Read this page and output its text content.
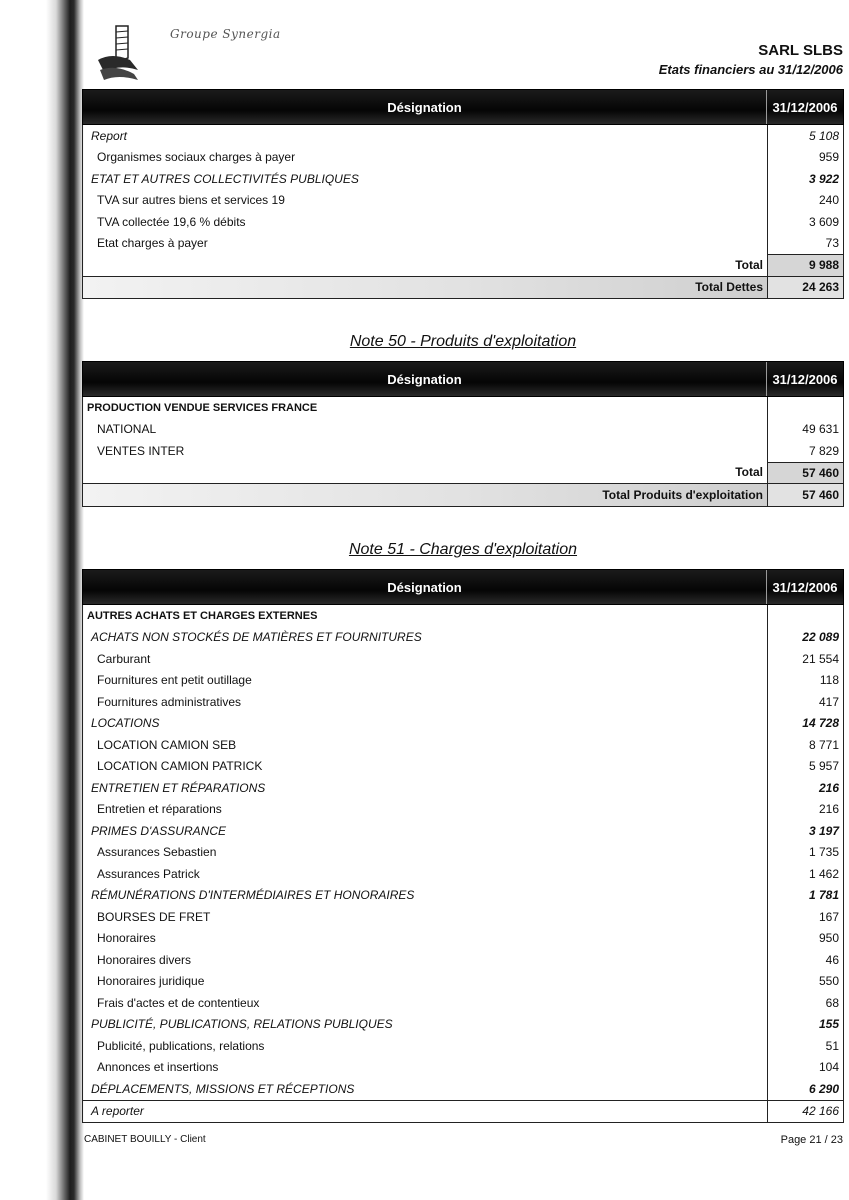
Groupe Synergia
SARL SLBS
Etats financiers au 31/12/2006
Désignation	31/12/2006
Report	5 108
Organismes sociaux charges à payer	959
ETAT ET AUTRES COLLECTIVITÉS PUBLIQUES	3 922
TVA sur autres biens et services 19	240
TVA collectée 19,6 % débits	3 609
Etat charges à payer	73
Total	9 988
Total Dettes	24 263
Note 50 - Produits d'exploitation
Désignation	31/12/2006
PRODUCTION VENDUE SERVICES FRANCE
NATIONAL	49 631
VENTES INTER	7 829
Total	57 460
Total Produits d'exploitation	57 460
Note 51 - Charges d'exploitation
Désignation	31/12/2006
AUTRES ACHATS ET CHARGES EXTERNES
ACHATS NON STOCKÉS DE MATIÈRES ET FOURNITURES	22 089
Carburant	21 554
Fournitures ent petit outillage	118
Fournitures administratives	417
LOCATIONS	14 728
LOCATION CAMION SEB	8 771
LOCATION CAMION PATRICK	5 957
ENTRETIEN ET RÉPARATIONS	216
Entretien et réparations	216
PRIMES D'ASSURANCE	3 197
Assurances Sebastien	1 735
Assurances Patrick	1 462
RÉMUNÉRATIONS D'INTERMÉDIAIRES ET HONORAIRES	1 781
BOURSES DE FRET	167
Honoraires	950
Honoraires divers	46
Honoraires juridique	550
Frais d'actes et de contentieux	68
PUBLICITÉ, PUBLICATIONS, RELATIONS PUBLIQUES	155
Publicité, publications, relations	51
Annonces et insertions	104
DÉPLACEMENTS, MISSIONS ET RÉCEPTIONS	6 290
A reporter	42 166
CABINET BOUILLY - Client	Page 21 / 23
